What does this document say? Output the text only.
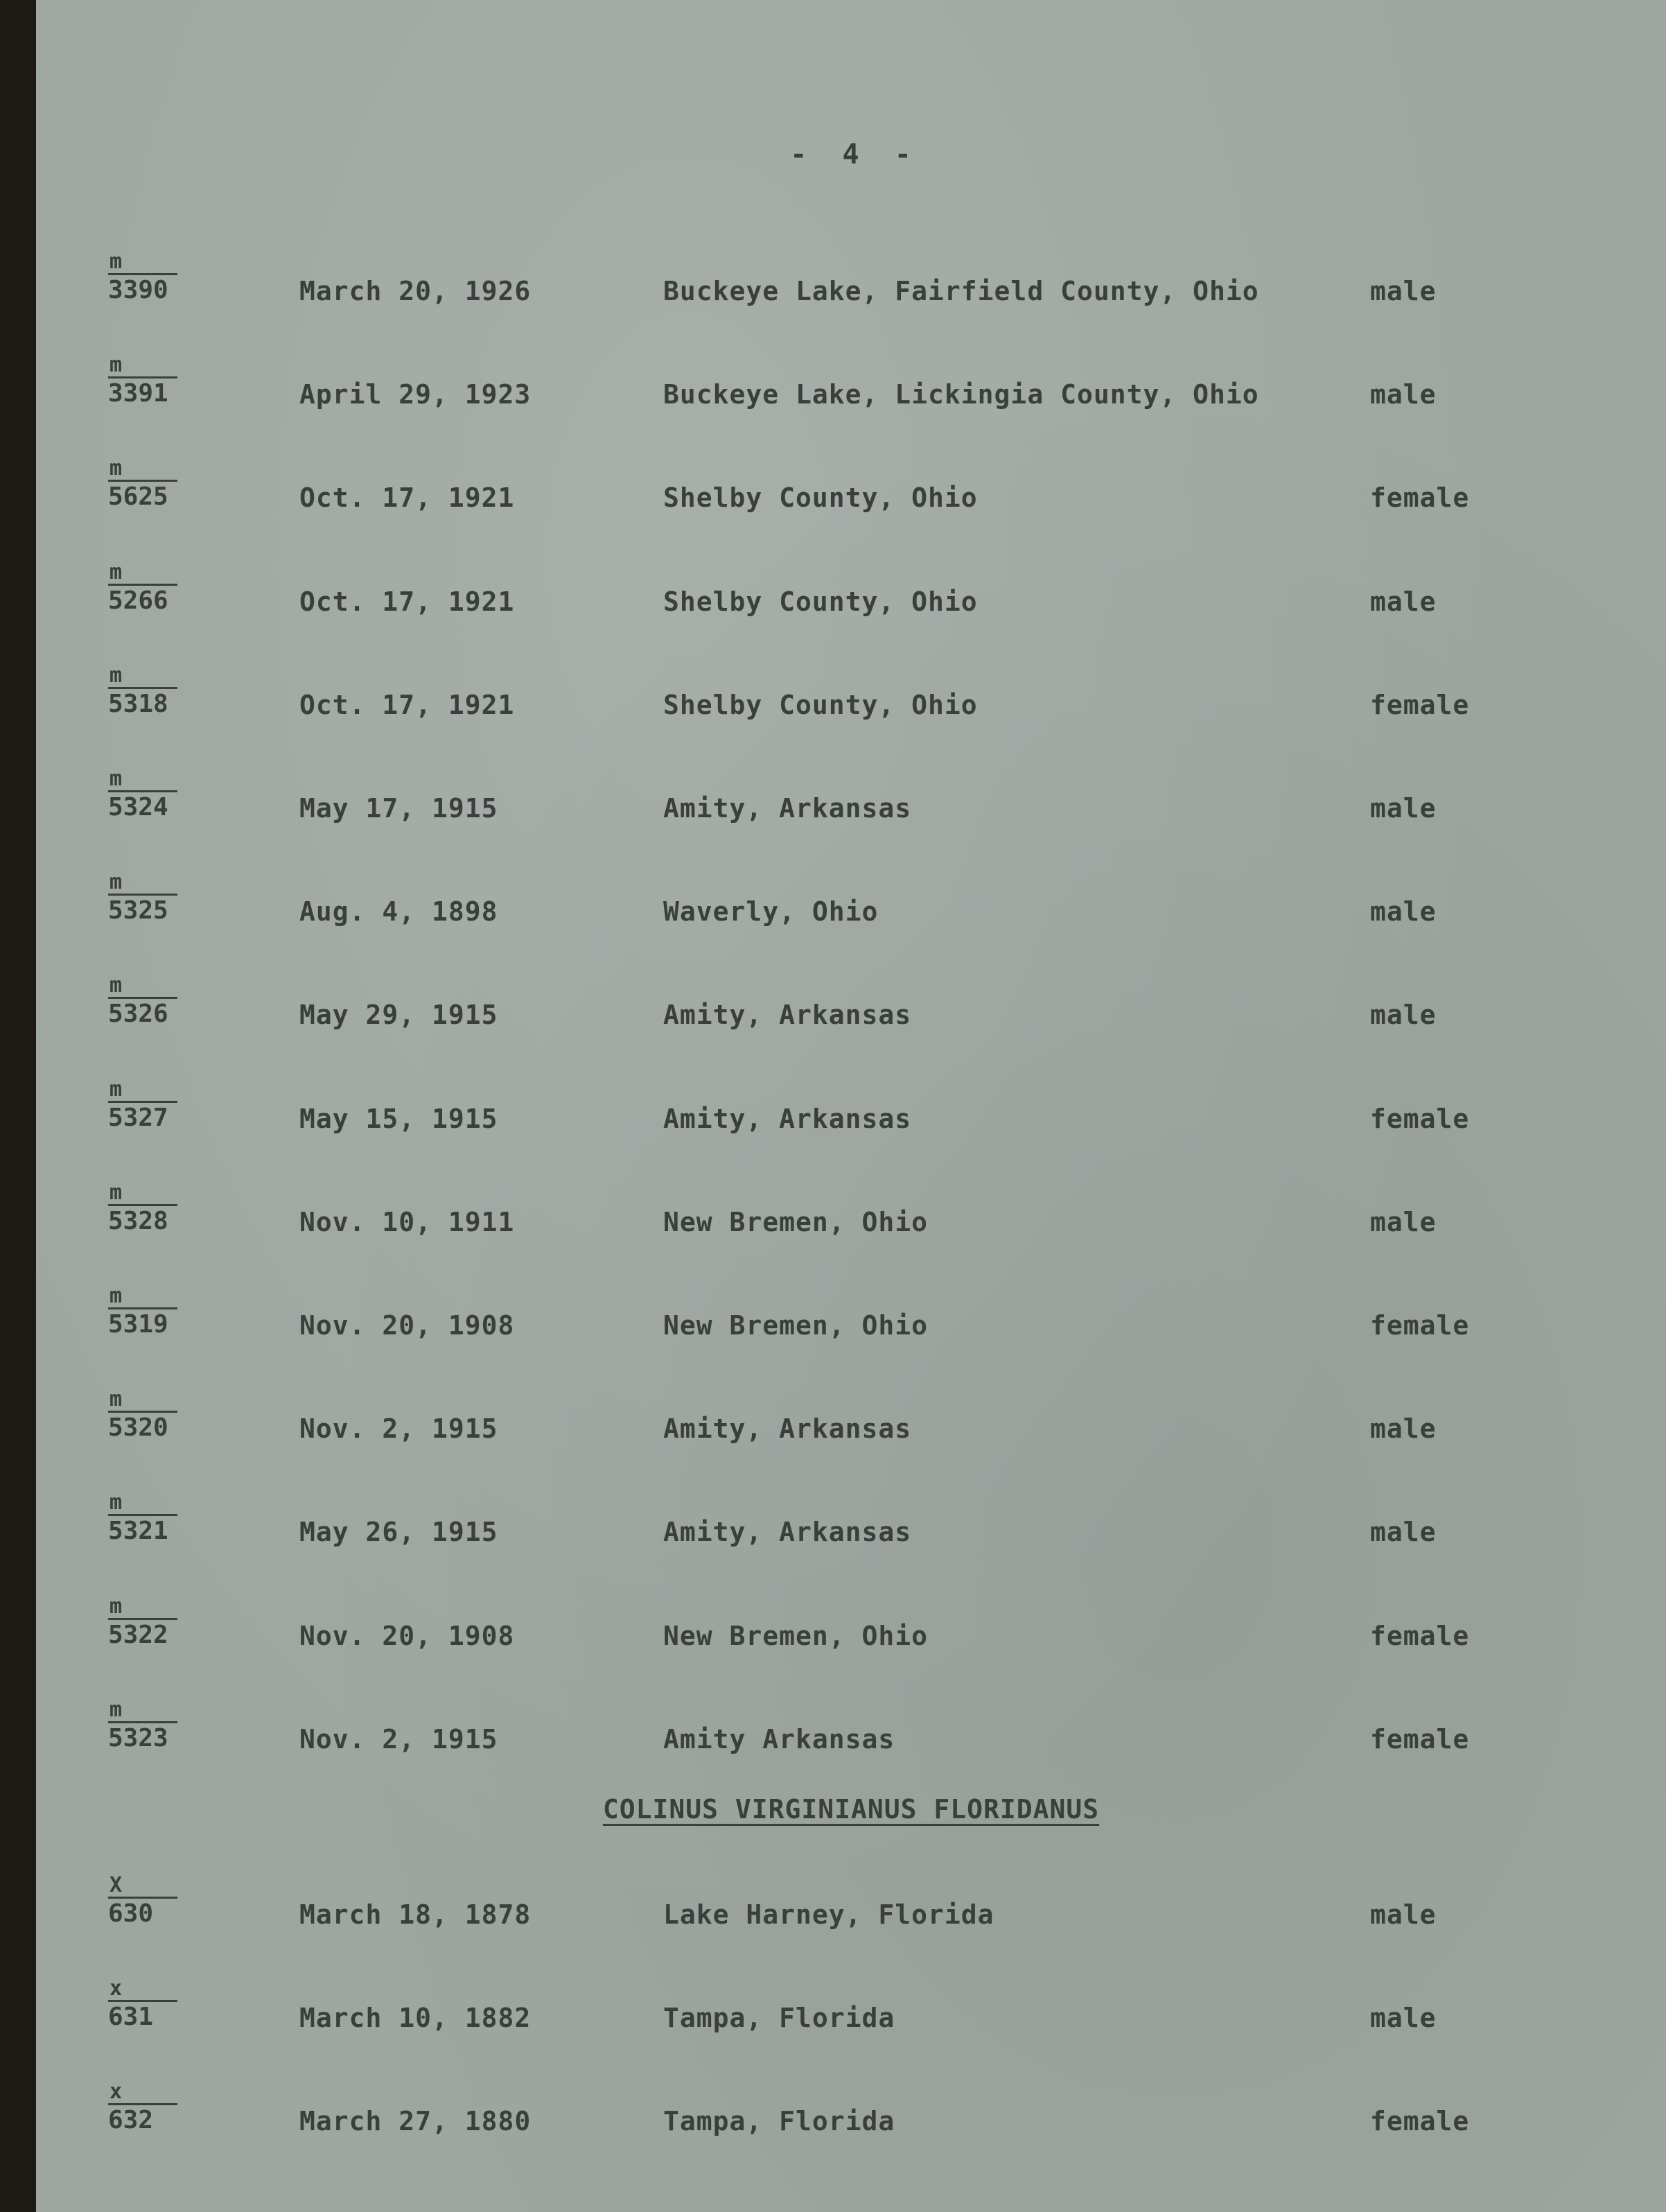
-  4  -
m
3390	March 20, 1926	Buckeye Lake, Fairfield County, Ohio	male
m
3391	April 29, 1923	Buckeye Lake, Lickingia County, Ohio	male
m
5625	Oct. 17, 1921	Shelby County, Ohio	female
m
5266	Oct. 17, 1921	Shelby County, Ohio	male
m
5318	Oct. 17, 1921	Shelby County, Ohio	female
m
5324	May 17, 1915	Amity, Arkansas	male
m
5325	Aug. 4, 1898	Waverly, Ohio	male
m
5326	May 29, 1915	Amity, Arkansas	male
m
5327	May 15, 1915	Amity, Arkansas	female
m
5328	Nov. 10, 1911	New Bremen, Ohio	male
m
5319	Nov. 20, 1908	New Bremen, Ohio	female
m
5320	Nov. 2, 1915	Amity, Arkansas	male
m
5321	May 26, 1915	Amity, Arkansas	male
m
5322	Nov. 20, 1908	New Bremen, Ohio	female
m
5323	Nov. 2, 1915	Amity Arkansas	female
X
630	March 18, 1878	Lake Harney, Florida	male
x
631	March 10, 1882	Tampa, Florida	male
x
632	March 27, 1880	Tampa, Florida	female
COLINUS VIRGINIANUS FLORIDANUS
